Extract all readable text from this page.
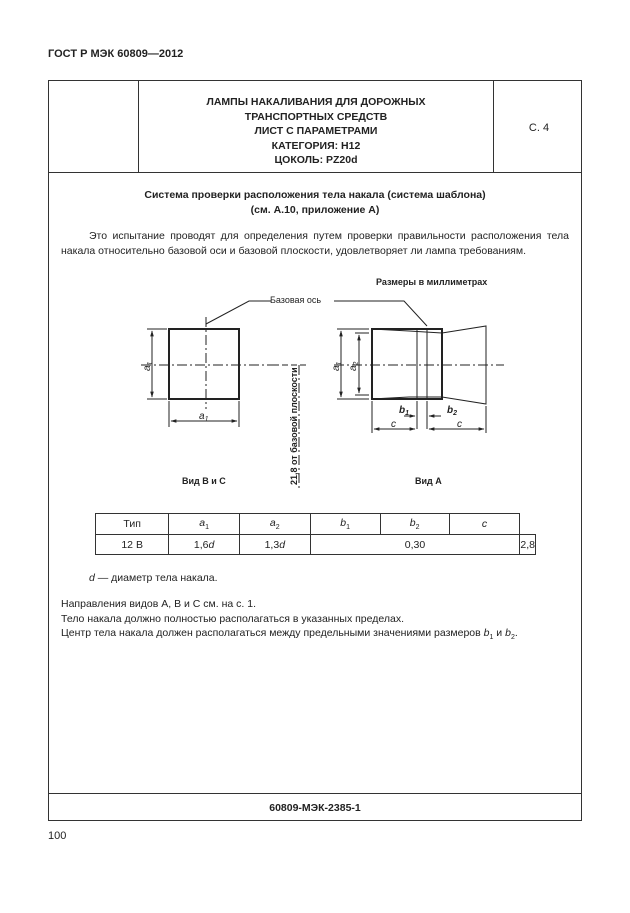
ГОСТ Р МЭК 60809—2012
ЛАМПЫ НАКАЛИВАНИЯ ДЛЯ ДОРОЖНЫХ
ТРАНСПОРТНЫХ СРЕДСТВ
ЛИСТ С ПАРАМЕТРАМИ
КАТЕГОРИЯ: H12
ЦОКОЛЬ: PZ20d
С. 4
Система проверки расположения тела накала (система шаблона)
(см. А.10, приложение А)
Это испытание проводят для определения путем проверки правильности расположения тела накала относительно базовой оси и базовой плоскости, удовлетворяет ли лампа требованиям.
Размеры в миллиметрах
Базовая ось
21,8 от базовой плоскости
Вид B и C	Вид A
$a_1$
$a_1$
$a_1$
$a_2$
$b_1$	$b_2$
c	c
Тип	$a_1$	$a_2$	$b_1$	$b_2$	c	
12 В	1,6d	1,3d	0,30			2,8
d — диаметр тела накала.
Направления видов А, В и С см. на с. 1.
Тело накала должно полностью располагаться в указанных пределах.
Центр тела накала должен располагаться между предельными значениями размеров $b_1$ и $b_2$.
60809-МЭК-2385-1
100
